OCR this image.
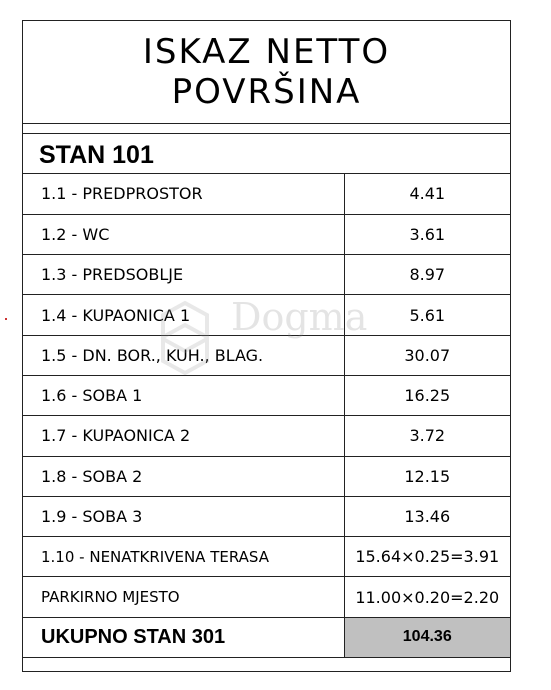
ISKAZ NETTO
POVRŠINA
STAN 101
1.1 - PREDPROSTOR	4.41
1.2 - WC	3.61
1.3 - PREDSOBLJE	8.97
1.4 - KUPAONICA 1	5.61
1.5 - DN. BOR., KUH., BLAG.	30.07
1.6 - SOBA 1	16.25
1.7 - KUPAONICA 2	3.72
1.8 - SOBA 2	12.15
1.9 - SOBA 3	13.46
1.10 - NENATKRIVENA TERASA	15.64×0.25=3.91
PARKIRNO MJESTO	11.00×0.20=2.20
UKUPNO STAN 301	104.36
Dogma
